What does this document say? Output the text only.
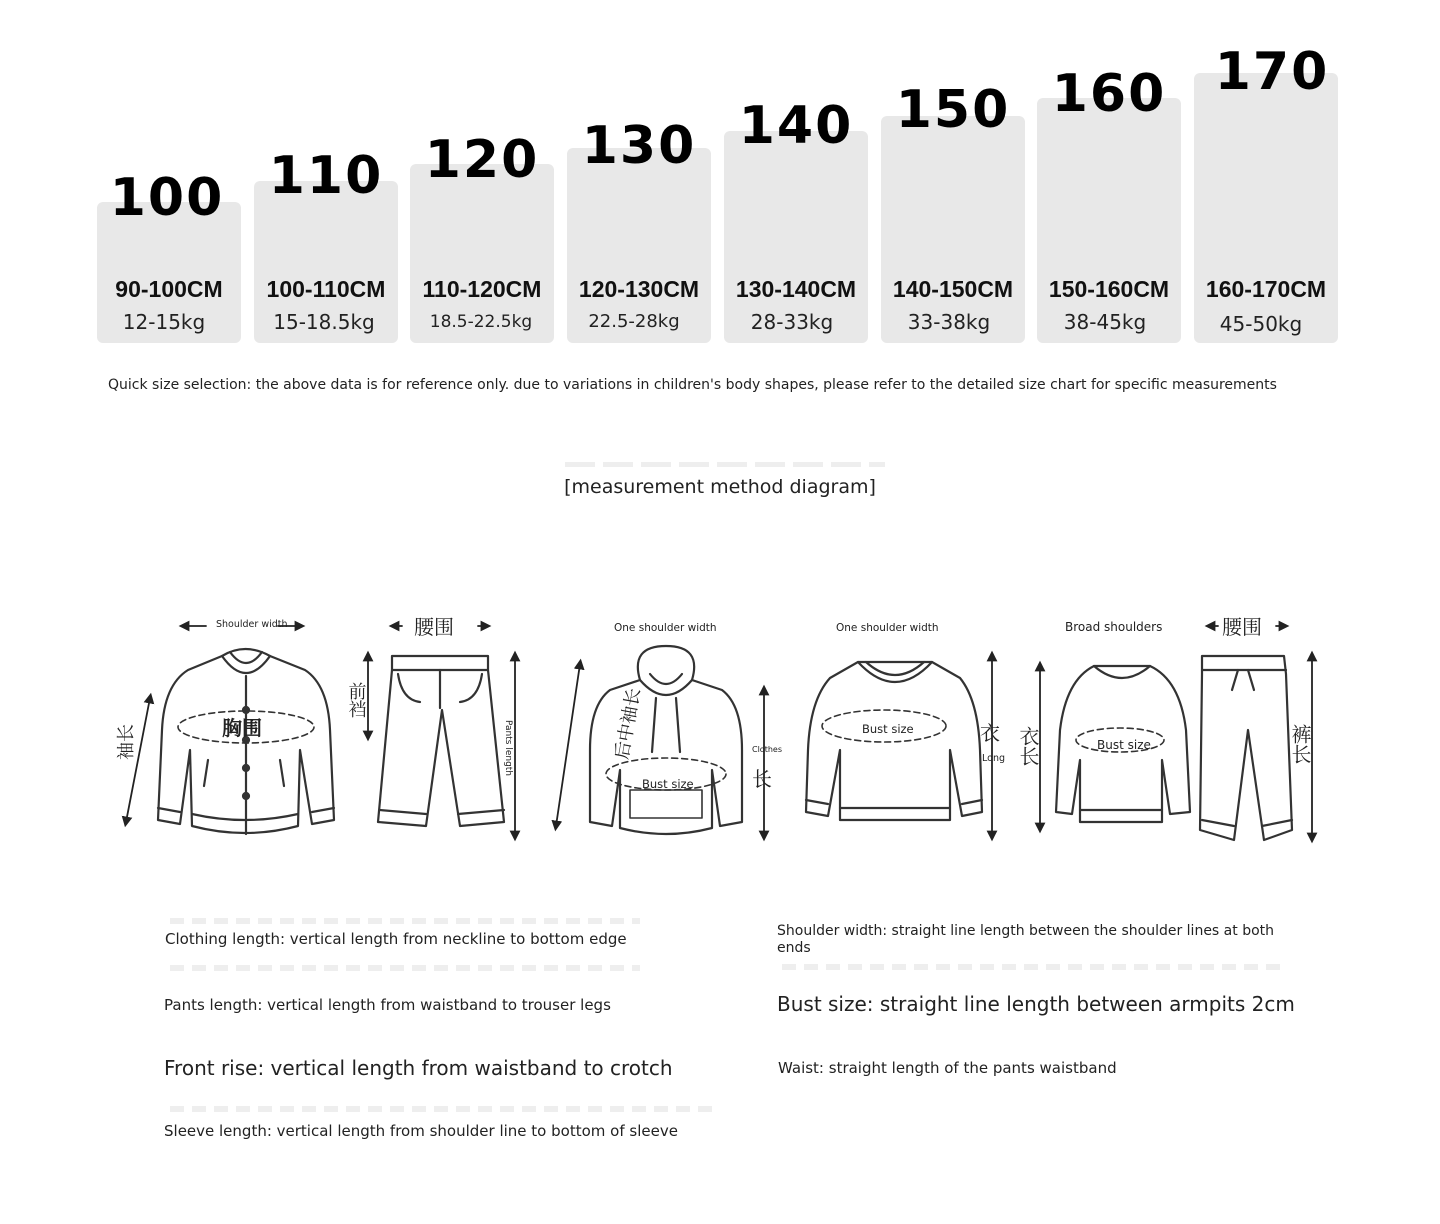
100
90-100CM
12-15kg
110
100-110CM
15-18.5kg
120
110-120CM
18.5-22.5kg
130
120-130CM
22.5-28kg
140
130-140CM
28-33kg
150
140-150CM
33-38kg
160
150-160CM
38-45kg
170
160-170CM
45-50kg
Quick size selection: the above data is for reference only. due to variations in children's body shapes, please refer to the detailed size chart for specific measurements
[measurement method diagram]
Shoulder width
胸围
袖长
腰围
前裆
Pants length
One shoulder width
后中袖长
Bust size
Clothes
长
One shoulder width
Bust size	衣
Long
Broad shoulders
衣长	Bust size
腰围
裤长
Clothing length: vertical length from neckline to bottom edge
Pants length: vertical length from waistband to trouser legs
Front rise: vertical length from waistband to crotch
Sleeve length: vertical length from shoulder line to bottom of sleeve
Shoulder width: straight line length between the shoulder lines at both ends
Bust size: straight line length between armpits 2cm
Waist: straight length of the pants waistband
